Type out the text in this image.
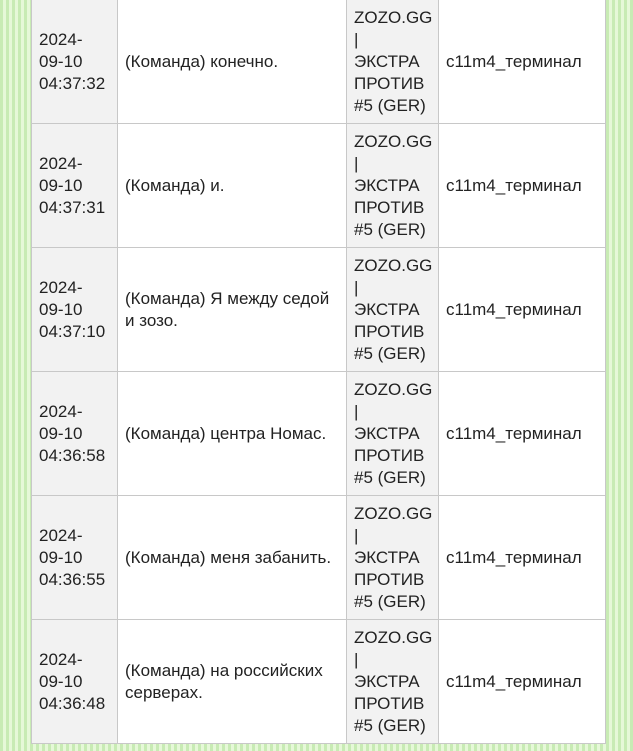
2024-
09-10
04:37:32	(Команда) конечно.	ZOZO.GG
|
ЭКСТРА
ПРОТИВ
#5 (GER)	c11m4_терминал

2024-
09-10
04:37:31	(Команда) и.	ZOZO.GG
|
ЭКСТРА
ПРОТИВ
#5 (GER)	c11m4_терминал

2024-
09-10
04:37:10	(Команда) Я между седой и зозо.	ZOZO.GG
|
ЭКСТРА
ПРОТИВ
#5 (GER)	c11m4_терминал

2024-
09-10
04:36:58	(Команда) центра Номас.	ZOZO.GG
|
ЭКСТРА
ПРОТИВ
#5 (GER)	c11m4_терминал

2024-
09-10
04:36:55	(Команда) меня забанить.	ZOZO.GG
|
ЭКСТРА
ПРОТИВ
#5 (GER)	c11m4_терминал

2024-
09-10
04:36:48	(Команда) на российских серверах.	ZOZO.GG
|
ЭКСТРА
ПРОТИВ
#5 (GER)	c11m4_терминал
